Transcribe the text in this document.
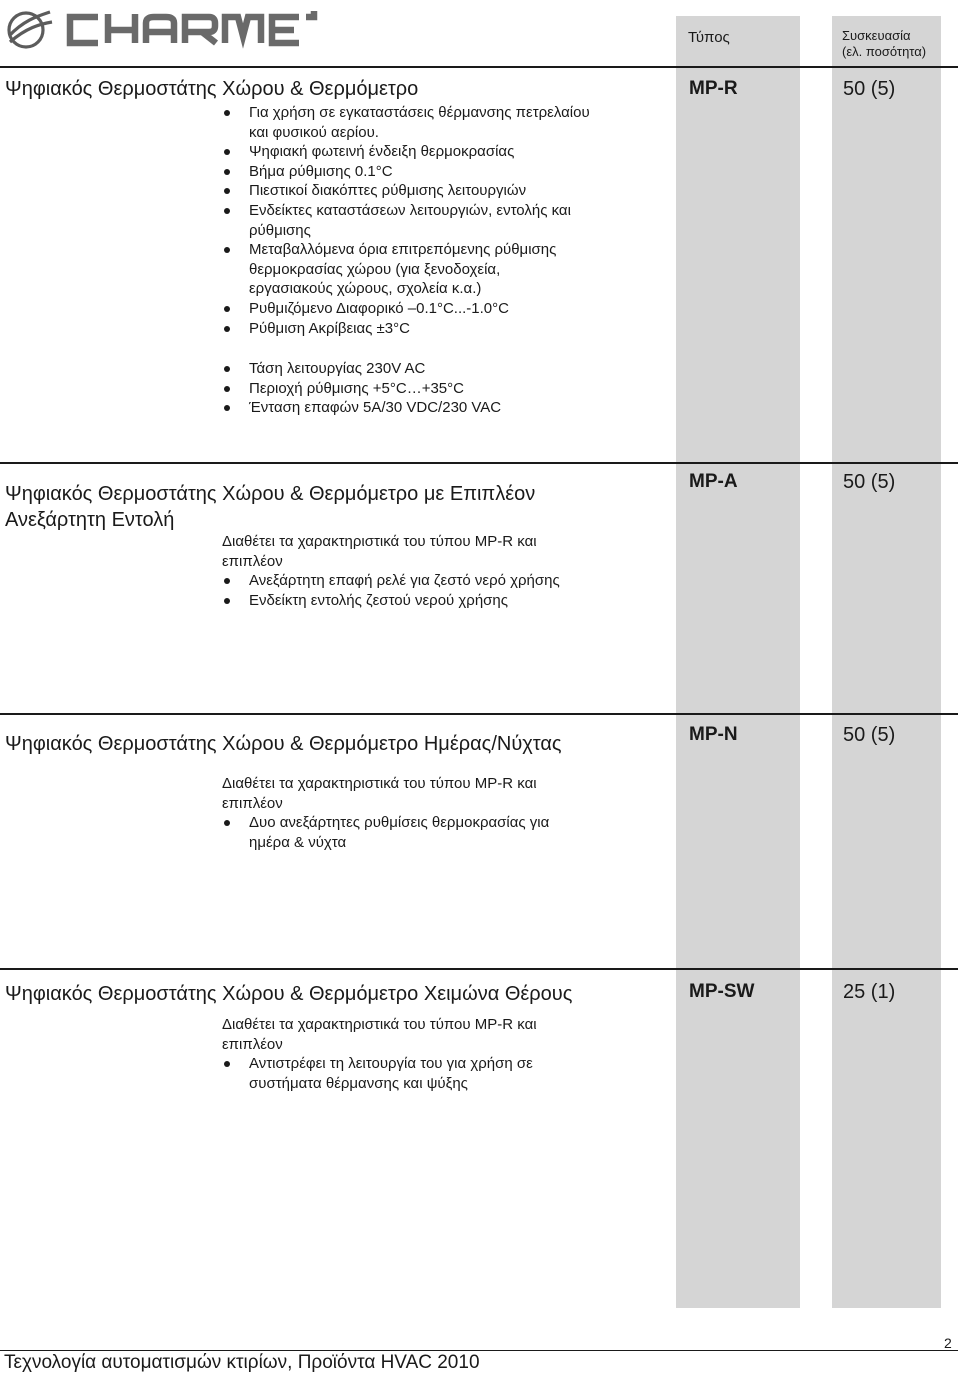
®
Τύπος	Συσκευασία
(ελ. ποσότητα)
Ψηφιακός Θερμοστάτης Χώρου & Θερμόμετρο	MP-R	50 (5)
Για χρήση σε εγκαταστάσεις θέρμανσης πετρελαίου
και φυσικού αερίου.
Ψηφιακή φωτεινή ένδειξη θερμοκρασίας
Βήμα ρύθμισης 0.1°C
Πιεστικοί διακόπτες ρύθμισης λειτουργιών
Ενδείκτες καταστάσεων λειτουργιών, εντολής και
ρύθμισης
Μεταβαλλόμενα όρια επιτρεπόμενης ρύθμισης
θερμοκρασίας χώρου (για ξενοδοχεία,
εργασιακούς χώρους, σχολεία κ.α.)
Ρυθμιζόμενο Διαφορικό –0.1°C...-1.0°C
Ρύθμιση Ακρίβειας ±3°C
Τάση λειτουργίας 230V AC
Περιοχή ρύθμισης +5°C…+35°C
Ένταση επαφών 5A/30 VDC/230 VAC
Ψηφιακός Θερμοστάτης Χώρου & Θερμόμετρο με Επιπλέον
Ανεξάρτητη Εντολή
MP-A	50 (5)
Διαθέτει τα χαρακτηριστικά του τύπου MP-R και
επιπλέον
Ανεξάρτητη επαφή ρελέ για ζεστό νερό χρήσης
Ενδείκτη εντολής ζεστού νερού χρήσης
Ψηφιακός Θερμοστάτης Χώρου & Θερμόμετρο Ημέρας/Νύχτας	MP-N	50 (5)
Διαθέτει τα χαρακτηριστικά του τύπου MP-R και
επιπλέον
Δυο ανεξάρτητες ρυθμίσεις θερμοκρασίας για
ημέρα & νύχτα
Ψηφιακός Θερμοστάτης Χώρου & Θερμόμετρο Χειμώνα Θέρους	MP-SW	25 (1)
Διαθέτει τα χαρακτηριστικά του τύπου MP-R και
επιπλέον
Αντιστρέφει τη λειτουργία του για χρήση σε
συστήματα θέρμανσης και ψύξης
2
Τεχνολογία αυτοματισμών κτιρίων, Προϊόντα HVAC 2010
